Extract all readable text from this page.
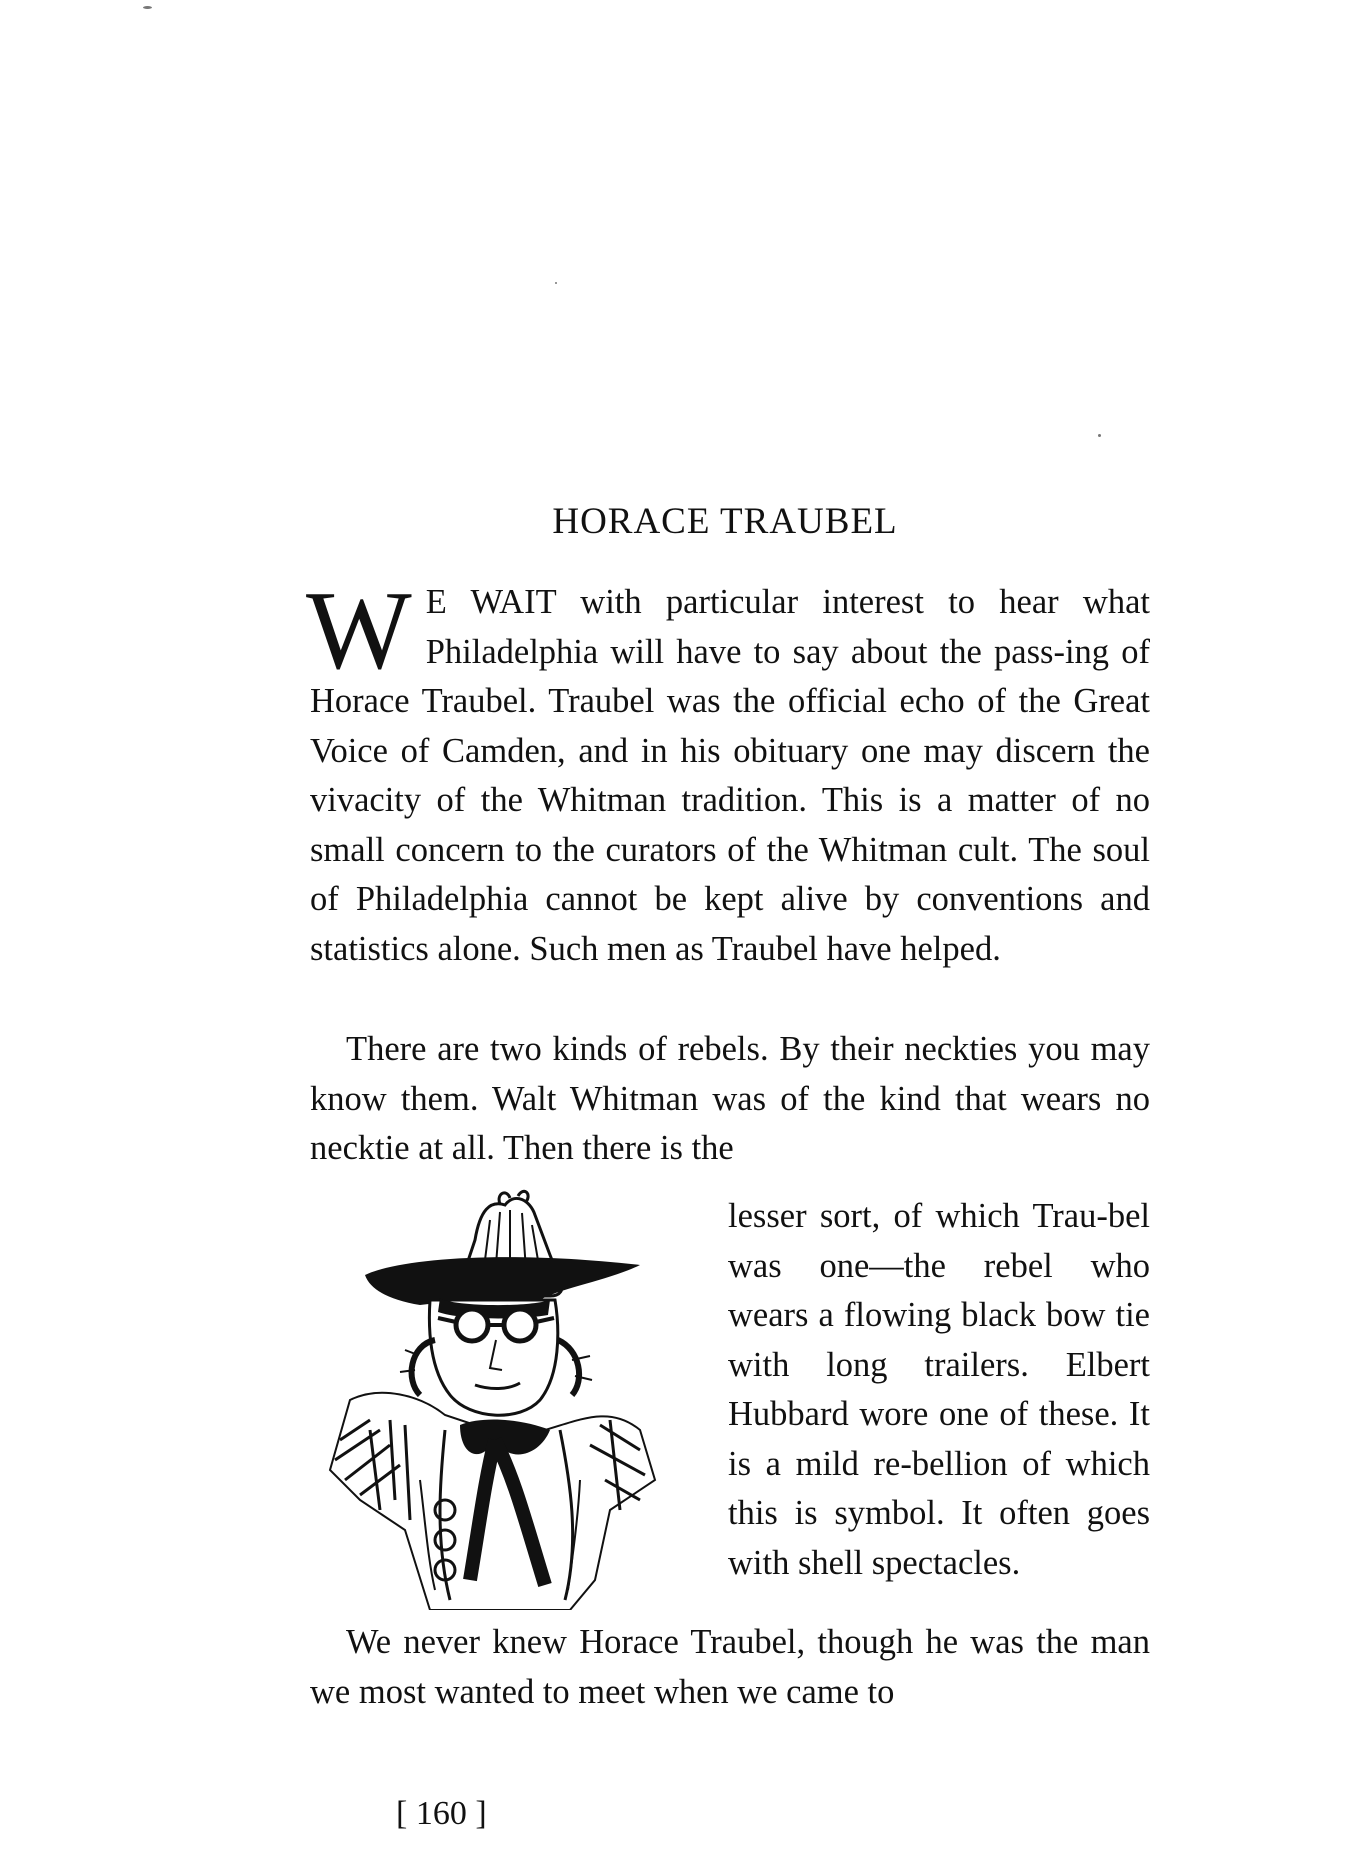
HORACE TRAUBEL
W E WAIT with particular interest to hear what Philadelphia will have to say about the pass-ing of Horace Traubel. Traubel was the official echo of the Great Voice of Camden, and in his obituary one may discern the vivacity of the Whitman tradition. This is a matter of no small concern to the curators of the Whitman cult. The soul of Philadelphia cannot be kept alive by conventions and statistics alone. Such men as Traubel have helped.
There are two kinds of rebels. By their neckties you may know them. Walt Whitman was of the kind that wears no necktie at all. Then there is the
lesser sort, of which Trau-bel was one—the rebel who wears a flowing black bow tie with long trailers. Elbert Hubbard wore one of these. It is a mild re-bellion of which this is symbol. It often goes with shell spectacles.
We never knew Horace Traubel, though he was the man we most wanted to meet when we came to
[ 160 ]
